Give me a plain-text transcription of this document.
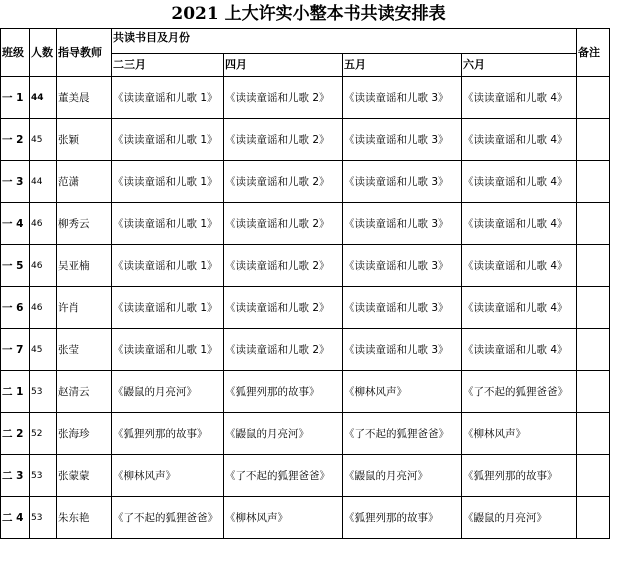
2021 上大许实小整本书共读安排表
班级	人数	指导教师	共读书目及月份				备注
			二三月	四月	五月	六月	
一 1	44	董美晨	《读读童谣和儿歌 1》	《读读童谣和儿歌 2》	《读读童谣和儿歌 3》	《读读童谣和儿歌 4》	
一 2	45	张颖	《读读童谣和儿歌 1》	《读读童谣和儿歌 2》	《读读童谣和儿歌 3》	《读读童谣和儿歌 4》	
一 3	44	范潇	《读读童谣和儿歌 1》	《读读童谣和儿歌 2》	《读读童谣和儿歌 3》	《读读童谣和儿歌 4》	
一 4	46	柳秀云	《读读童谣和儿歌 1》	《读读童谣和儿歌 2》	《读读童谣和儿歌 3》	《读读童谣和儿歌 4》	
一 5	46	吴亚楠	《读读童谣和儿歌 1》	《读读童谣和儿歌 2》	《读读童谣和儿歌 3》	《读读童谣和儿歌 4》	
一 6	46	许肖	《读读童谣和儿歌 1》	《读读童谣和儿歌 2》	《读读童谣和儿歌 3》	《读读童谣和儿歌 4》	
一 7	45	张莹	《读读童谣和儿歌 1》	《读读童谣和儿歌 2》	《读读童谣和儿歌 3》	《读读童谣和儿歌 4》	
二 1	53	赵清云	《鼹鼠的月亮河》	《狐狸列那的故事》	《柳林风声》	《了不起的狐狸爸爸》	
二 2	52	张海珍	《狐狸列那的故事》	《鼹鼠的月亮河》	《了不起的狐狸爸爸》	《柳林风声》	
二 3	53	张蒙蒙	《柳林风声》	《了不起的狐狸爸爸》	《鼹鼠的月亮河》	《狐狸列那的故事》	
二 4	53	朱东艳	《了不起的狐狸爸爸》	《柳林风声》	《狐狸列那的故事》	《鼹鼠的月亮河》	
